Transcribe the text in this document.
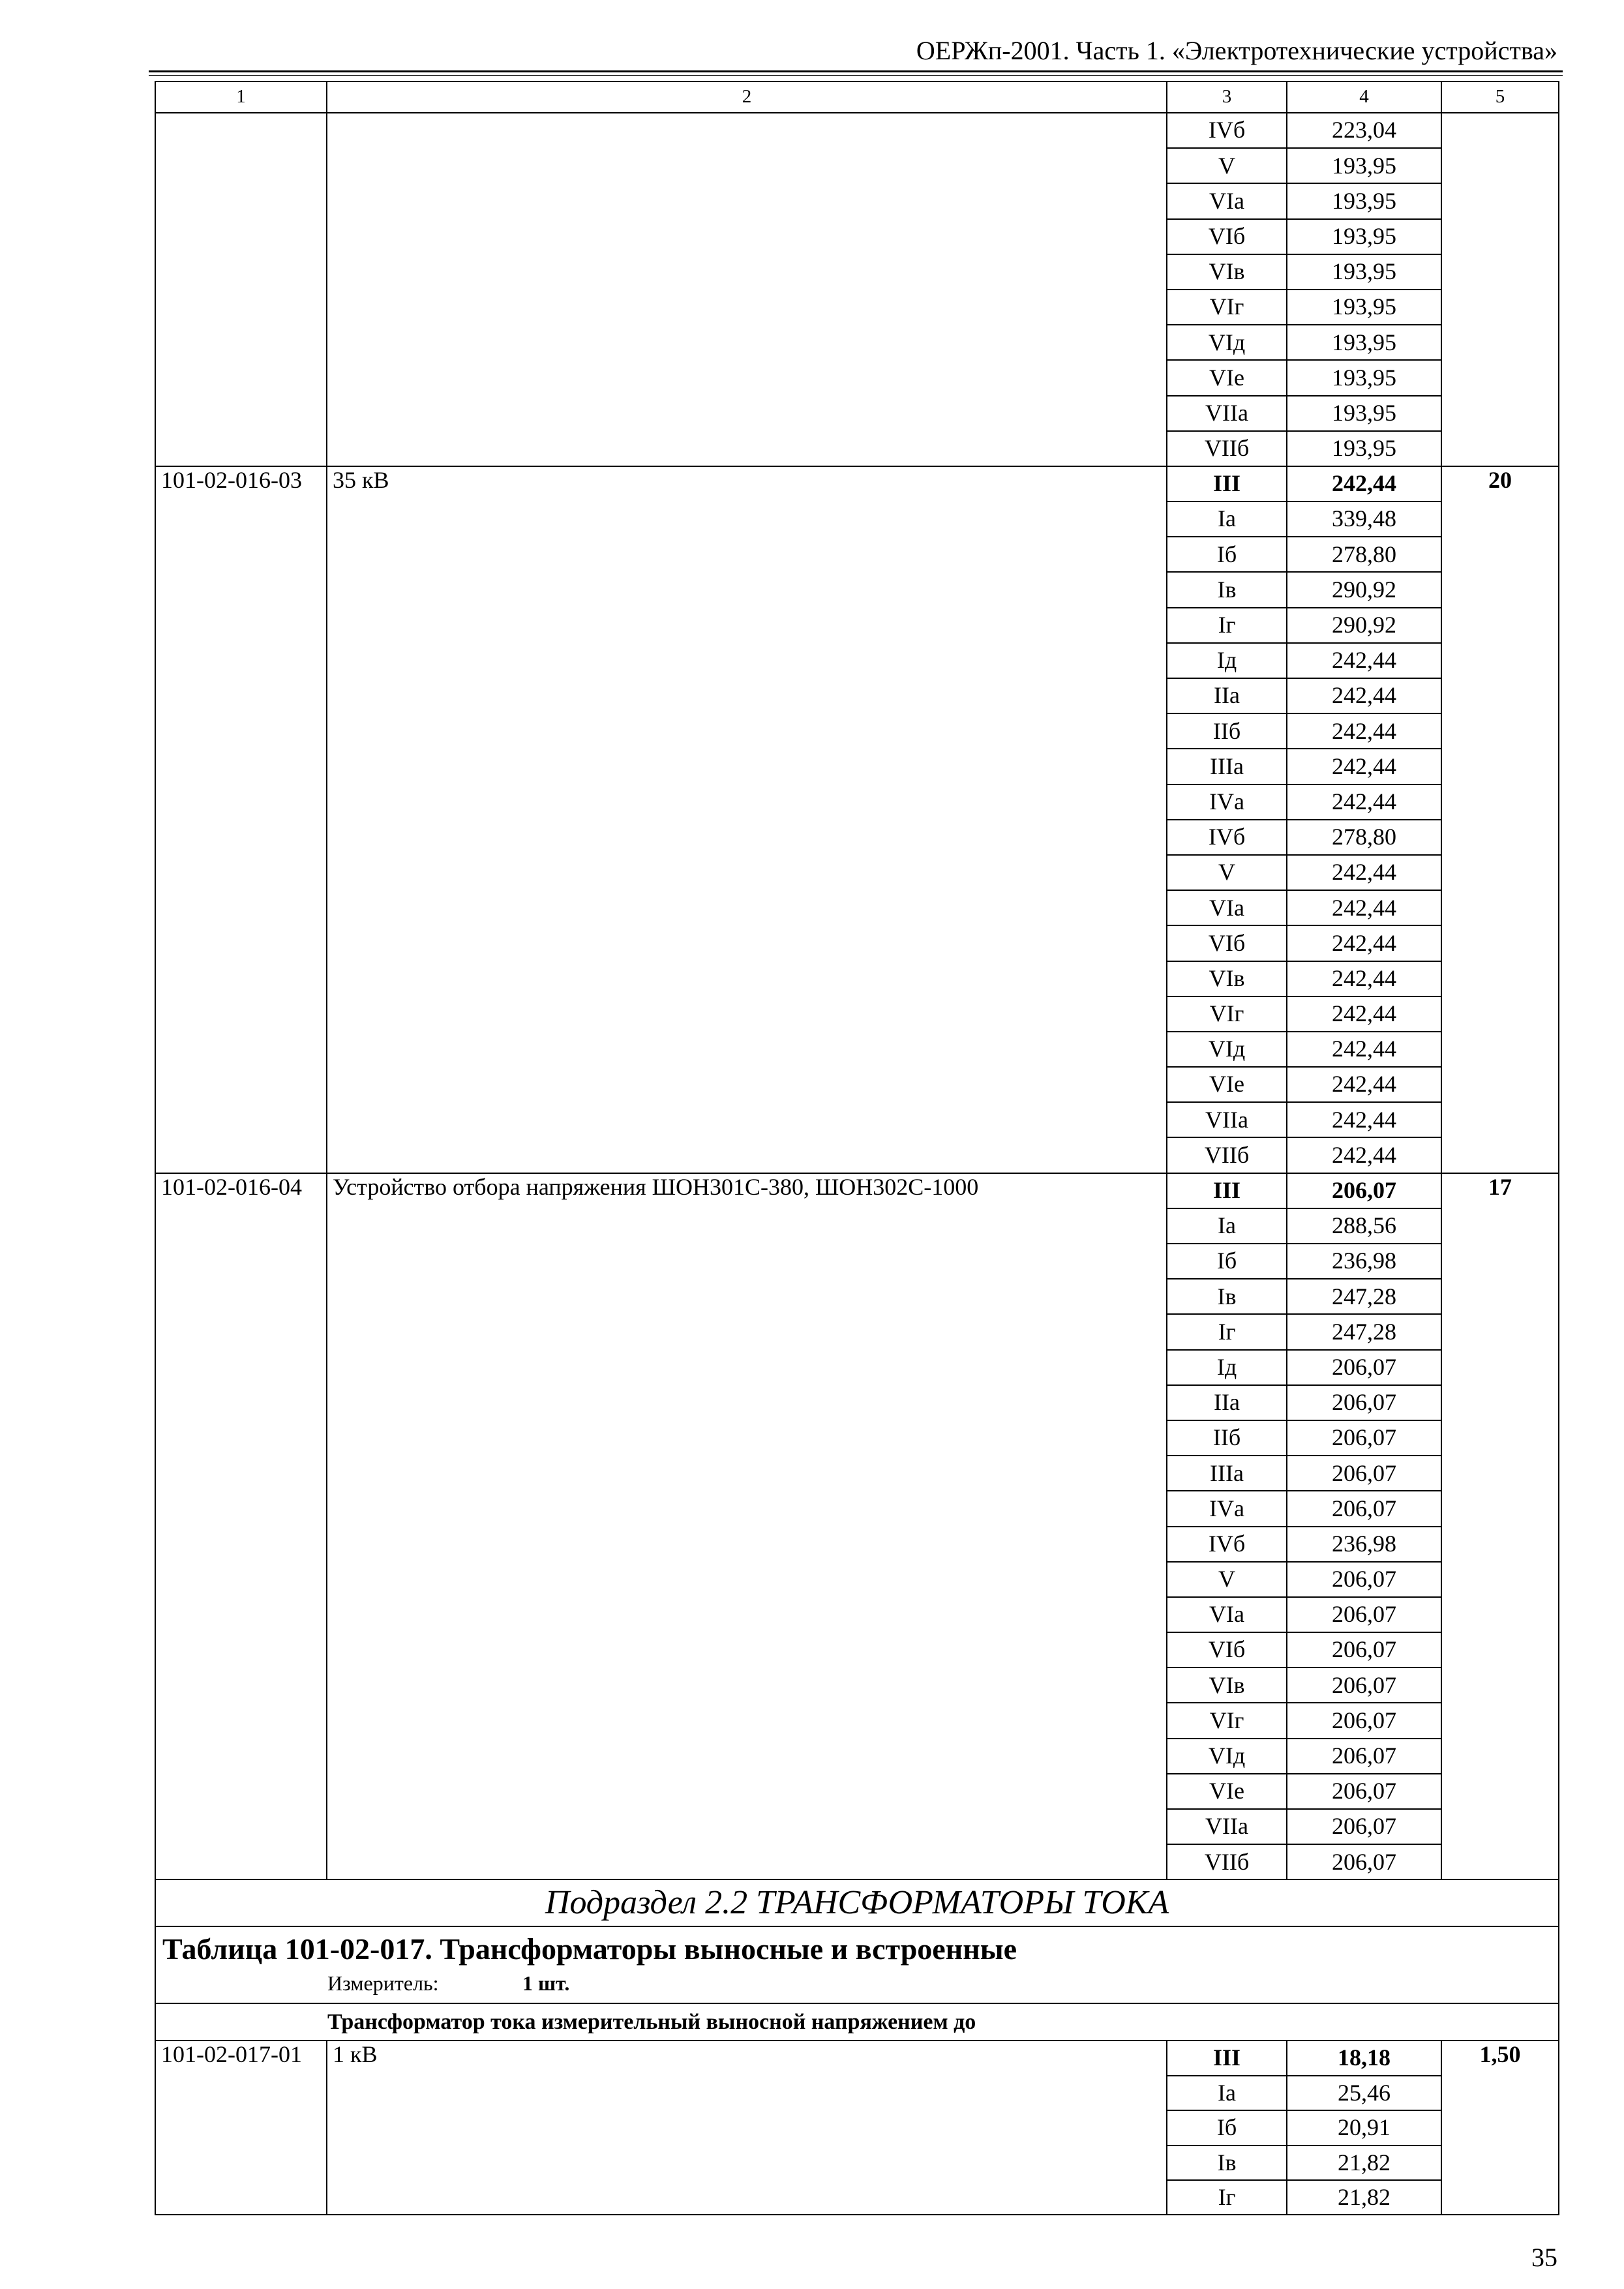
ОЕРЖп-2001. Часть 1. «Электротехнические устройства»
1	2	3	4	5
		IVб	223,04	
		V	193,95	
		VIа	193,95	
		VIб	193,95	
		VIв	193,95	
		VIг	193,95	
		VIд	193,95	
		VIе	193,95	
		VIIа	193,95	
		VIIб	193,95	
101-02-016-03	35 кВ	III	242,44	20
		Iа	339,48	
		Iб	278,80	
		Iв	290,92	
		Iг	290,92	
		Iд	242,44	
		IIа	242,44	
		IIб	242,44	
		IIIа	242,44	
		IVа	242,44	
		IVб	278,80	
		V	242,44	
		VIа	242,44	
		VIб	242,44	
		VIв	242,44	
		VIг	242,44	
		VIд	242,44	
		VIе	242,44	
		VIIа	242,44	
		VIIб	242,44	
101-02-016-04	Устройство отбора напряжения ШОН301С-380, ШОН302С-1000	III	206,07	17
		Iа	288,56	
		Iб	236,98	
		Iв	247,28	
		Iг	247,28	
		Iд	206,07	
		IIа	206,07	
		IIб	206,07	
		IIIа	206,07	
		IVа	206,07	
		IVб	236,98	
		V	206,07	
		VIа	206,07	
		VIб	206,07	
		VIв	206,07	
		VIг	206,07	
		VIд	206,07	
		VIе	206,07	
		VIIа	206,07	
		VIIб	206,07	
Подраздел 2.2 ТРАНСФОРМАТОРЫ ТОКА				

Таблица 101-02-017. Трансформаторы выносные и встроенные
Измеритель: 1 шт.				

Трансформатор тока измерительный выносной напряжением до				
101-02-017-01	1 кВ	III	18,18	1,50
		Iа	25,46	
		Iб	20,91	
		Iв	21,82	
		Iг	21,82	
35
